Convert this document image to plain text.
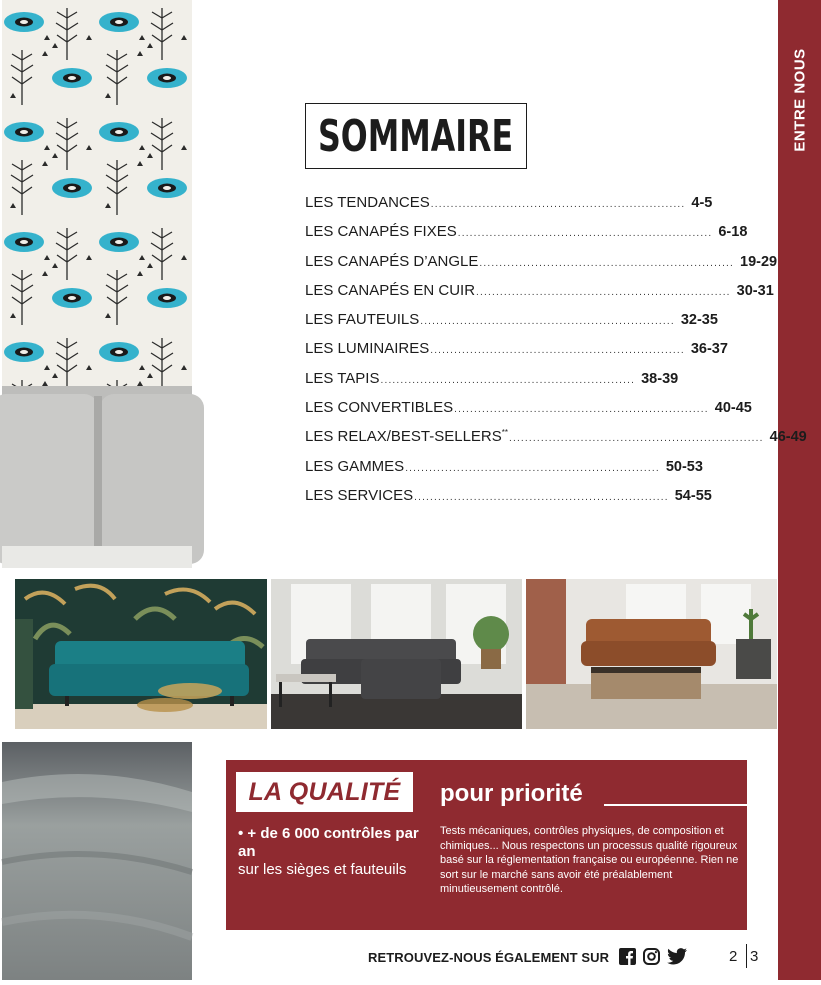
ENTRE NOUS
SOMMAIRE
LES TENDANCES ................................................................ 4-5
LES CANAPÉS FIXES ................................................................ 6-18
LES CANAPÉS D’ANGLE ................................................................ 19-29
LES CANAPÉS EN CUIR ................................................................ 30-31
LES FAUTEUILS ................................................................ 32-35
LES LUMINAIRES ................................................................ 36-37
LES TAPIS ................................................................ 38-39
LES CONVERTIBLES ................................................................ 40-45
LES RELAX/BEST-SELLERS**
................................................................ 46-49
LES GAMMES ................................................................ 50-53
LES SERVICES ................................................................ 54-55
LA QUALITÉ pour priorité
• + de 6 000 contrôles par an
sur les sièges et fauteuils
Tests mécaniques, contrôles physiques, de composition et chimiques... Nous respectons un processus qualité rigoureux basé sur la réglementation française ou européenne. Rien ne sort sur le marché sans avoir été préalablement minutieusement contrôlé.
RETROUVEZ-NOUS ÉGALEMENT SUR	2 3
